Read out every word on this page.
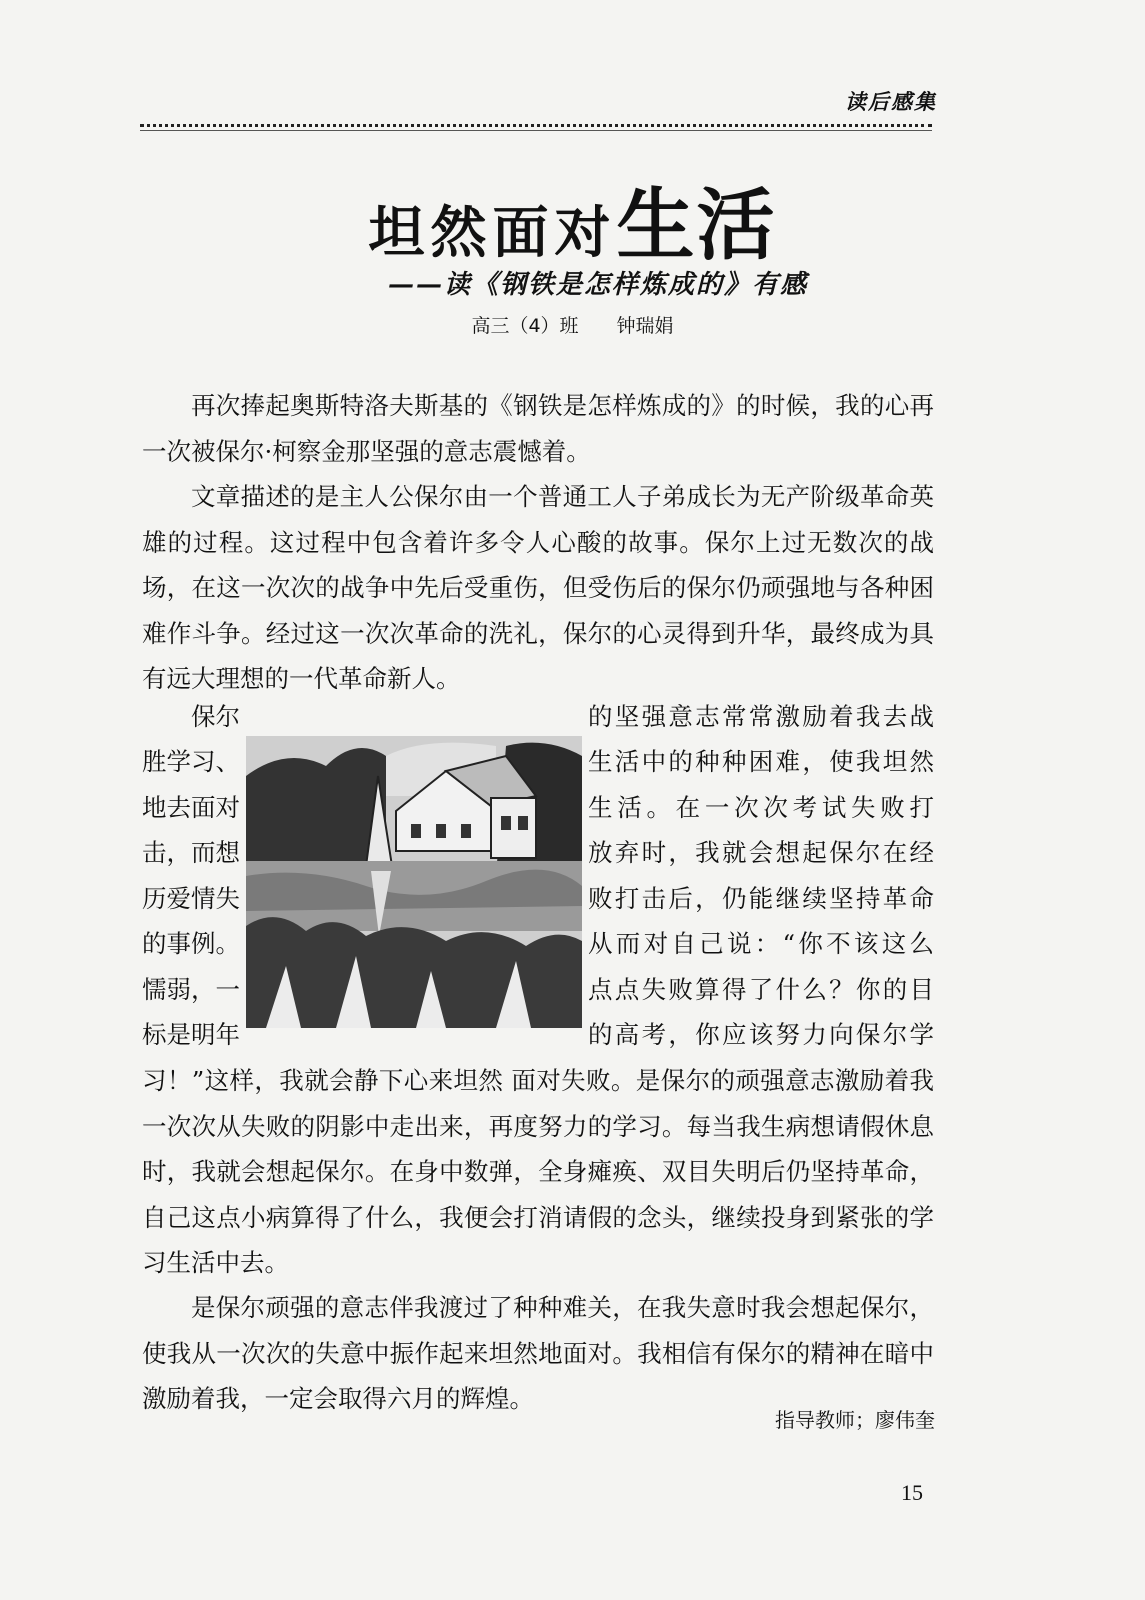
读后感集
坦然面对生活
——读《钢铁是怎样炼成的》有感
高三（4）班 钟瑞娟

再次捧起奥斯特洛夫斯基的《钢铁是怎样炼成的》的时候，我的心再一次被保尔·柯察金那坚强的意志震憾着。

文章描述的是主人公保尔由一个普通工人子弟成长为无产阶级革命英雄的过程。这过程中包含着许多令人心酸的故事。保尔上过无数次的战场，在这一次次的战争中先后受重伤，但受伤后的保尔仍顽强地与各种困难作斗争。经过这一次次革命的洗礼，保尔的心灵得到升华，最终成为具有远大理想的一代革命新人。

保尔
胜学习、
地去面对
击，而想
历爱情失
的事例。
懦弱，一
标是明年
的坚强意志常常激励着我去战
生活中的种种困难，使我坦然
生活。在一次次考试失败打
放弃时，我就会想起保尔在经
败打击后，仍能继续坚持革命
从而对自己说：“你不该这么
点点失败算得了什么？你的目
的高考，你应该努力向保尔学

习！”这样，我就会静下心来坦然 面对失败。是保尔的顽强意志激励着我一次次从失败的阴影中走出来，再度努力的学习。每当我生病想请假休息时，我就会想起保尔。在身中数弹，全身瘫痪、双目失明后仍坚持革命，自己这点小病算得了什么，我便会打消请假的念头，继续投身到紧张的学习生活中去。

是保尔顽强的意志伴我渡过了种种难关，在我失意时我会想起保尔，使我从一次次的失意中振作起来坦然地面对。我相信有保尔的精神在暗中激励着我，一定会取得六月的辉煌。

指导教师；廖伟奎
15
